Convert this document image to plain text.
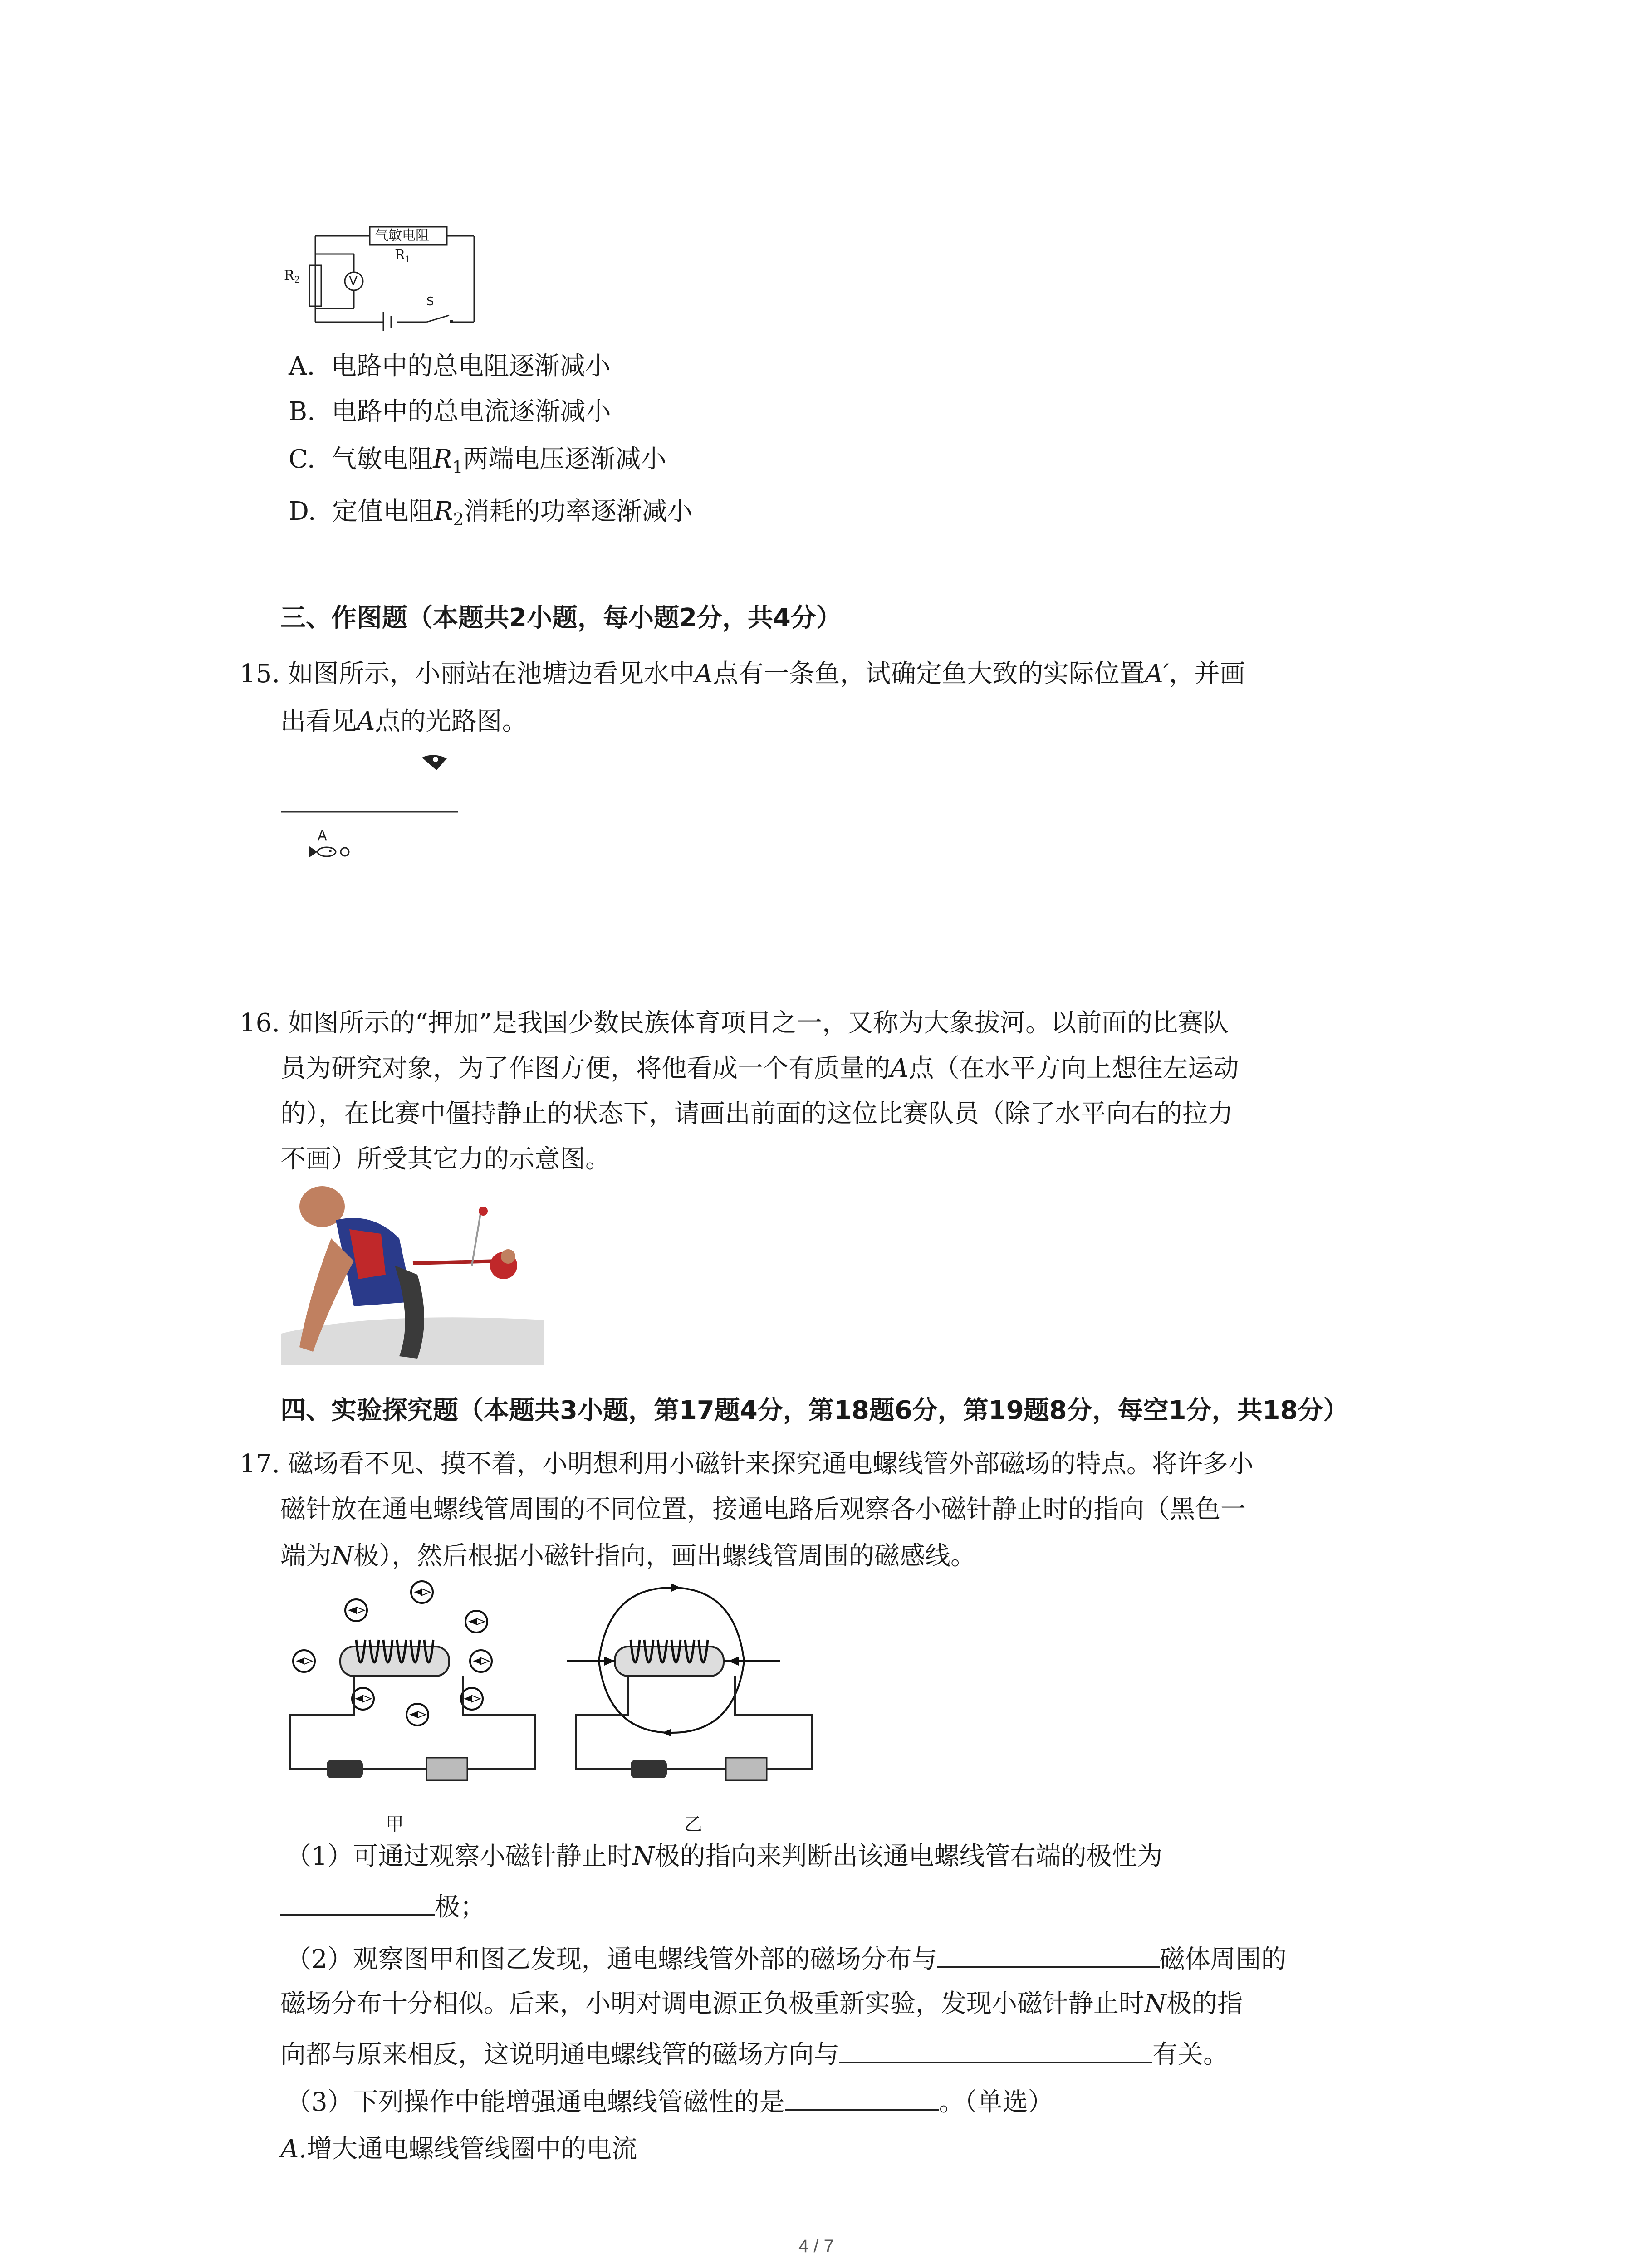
气敏电阻
$R_1$
$R_2$	V
S
A. 电路中的总电阻逐渐减小
B. 电路中的总电流逐渐减小
C. 气敏电阻$R_1$两端电压逐渐减小
D. 定值电阻$R_2$消耗的功率逐渐减小
三、作图题（本题共2小题，每小题2分，共4分）
15. 如图所示，小丽站在池塘边看见水中A点有一条鱼，试确定鱼大致的实际位置A′，并画
出看见A点的光路图。
A
16. 如图所示的“押加”是我国少数民族体育项目之一，又称为大象拔河。以前面的比赛队
员为研究对象，为了作图方便，将他看成一个有质量的A点（在水平方向上想往左运动
的），在比赛中僵持静止的状态下，请画出前面的这位比赛队员（除了水平向右的拉力
不画）所受其它力的示意图。
四、实验探究题（本题共3小题，第17题4分，第18题6分，第19题8分，每空1分，共18分）
17. 磁场看不见、摸不着，小明想利用小磁针来探究通电螺线管外部磁场的特点。将许多小
磁针放在通电螺线管周围的不同位置，接通电路后观察各小磁针静止时的指向（黑色一
端为N极），然后根据小磁针指向，画出螺线管周围的磁感线。
甲	乙
（1）可通过观察小磁针静止时N极的指向来判断出该通电螺线管右端的极性为
极；
（2）观察图甲和图乙发现，通电螺线管外部的磁场分布与	磁体周围的
磁场分布十分相似。后来，小明对调电源正负极重新实验，发现小磁针静止时N极的指
向都与原来相反，这说明通电螺线管的磁场方向与	有关。
（3）下列操作中能增强通电螺线管磁性的是	。（单选）
A.增大通电螺线管线圈中的电流
4 / 7
